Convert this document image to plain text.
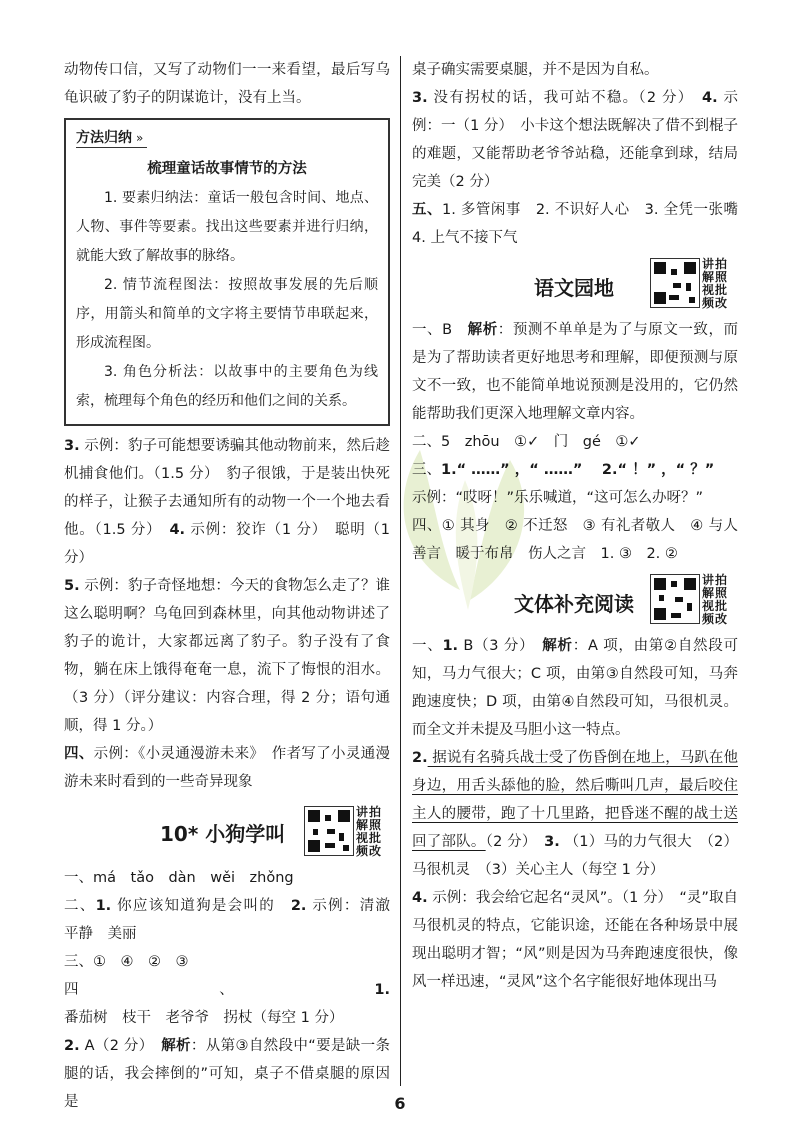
动物传口信，又写了动物们一一来看望，最后写乌龟识破了豹子的阴谋诡计，没有上当。

方法归纳 »

梳理童话故事情节的方法

1. 要素归纳法：童话一般包含时间、地点、人物、事件等要素。找出这些要素并进行归纳，就能大致了解故事的脉络。

2. 情节流程图法：按照故事发展的先后顺序，用箭头和简单的文字将主要情节串联起来，形成流程图。

3. 角色分析法：以故事中的主要角色为线索，梳理每个角色的经历和他们之间的关系。

3. 示例：豹子可能想要诱骗其他动物前来，然后趁机捕食他们。（1.5 分）　豹子很饿，于是装出快死的样子，让猴子去通知所有的动物一个一个地去看他。（1.5 分）　4. 示例：狡诈（1 分）　聪明（1 分）

5. 示例：豹子奇怪地想：今天的食物怎么走了？谁这么聪明啊？乌龟回到森林里，向其他动物讲述了豹子的诡计，大家都远离了豹子。豹子没有了食物，躺在床上饿得奄奄一息，流下了悔恨的泪水。（3 分）（评分建议：内容合理，得 2 分；语句通顺，得 1 分。）

四、示例：《小灵通漫游未来》　作者写了小灵通漫游未来时看到的一些奇异现象

10* 小狗学叫
讲拍
解照
视批
频改

一、má　tǎo　dàn　wěi　zhǒng

二、1. 你应该知道狗是会叫的　2. 示例：清澈　平静　美丽

三、①　④　②　③

四、1. 番茄树　枝干　老爷爷　拐杖（每空 1 分）

2. A（2 分）　解析：从第③自然段中“要是缺一条腿的话，我会摔倒的”可知，桌子不借桌腿的原因是

桌子确实需要桌腿，并不是因为自私。

3. 没有拐杖的话，我可站不稳。（2 分）　4. 示例：一（1 分）　小卡这个想法既解决了借不到棍子的难题，又能帮助老爷爷站稳，还能拿到球，结局完美（2 分）

五、1. 多管闲事　 2. 不识好人心　 3. 全凭一张嘴　4. 上气不接下气

语文园地
讲拍
解照
视批
频改

一、B　解析：预测不单单是为了与原文一致，而是为了帮助读者更好地思考和理解，即便预测与原文不一致，也不能简单地说预测是没用的，它仍然能帮助我们更深入地理解文章内容。

二、5　zhōu　①✓　门　gé　①✓

三、1.“ ……” ，“ ……” 　2.“ ！” ，“ ？”

示例：“哎呀！”乐乐喊道，“这可怎么办呀？”

四、① 其身　② 不迁怒　③ 有礼者敬人　④ 与人善言　暖于布帛　伤人之言　1. ③　2. ②

文体补充阅读
讲拍
解照
视批
频改

一、1. B（3 分）　解析：A 项，由第②自然段可知，马力气很大；C 项，由第③自然段可知，马奔跑速度快；D 项，由第④自然段可知，马很机灵。而全文并未提及马胆小这一特点。

2. 据说有名骑兵战士受了伤昏倒在地上，马趴在他身边，用舌头舔他的脸，然后嘶叫几声，最后咬住主人的腰带，跑了十几里路，把昏迷不醒的战士送回了部队。（2 分）　3. （1）马的力气很大　（2）马很机灵　（3）关心主人（每空 1 分）

4. 示例：我会给它起名“灵风”。（1 分）　“灵”取自马很机灵的特点，它能识途，还能在各种场景中展现出聪明才智；“风”则是因为马奔跑速度很快，像风一样迅速，“灵风”这个名字能很好地体现出马

6
